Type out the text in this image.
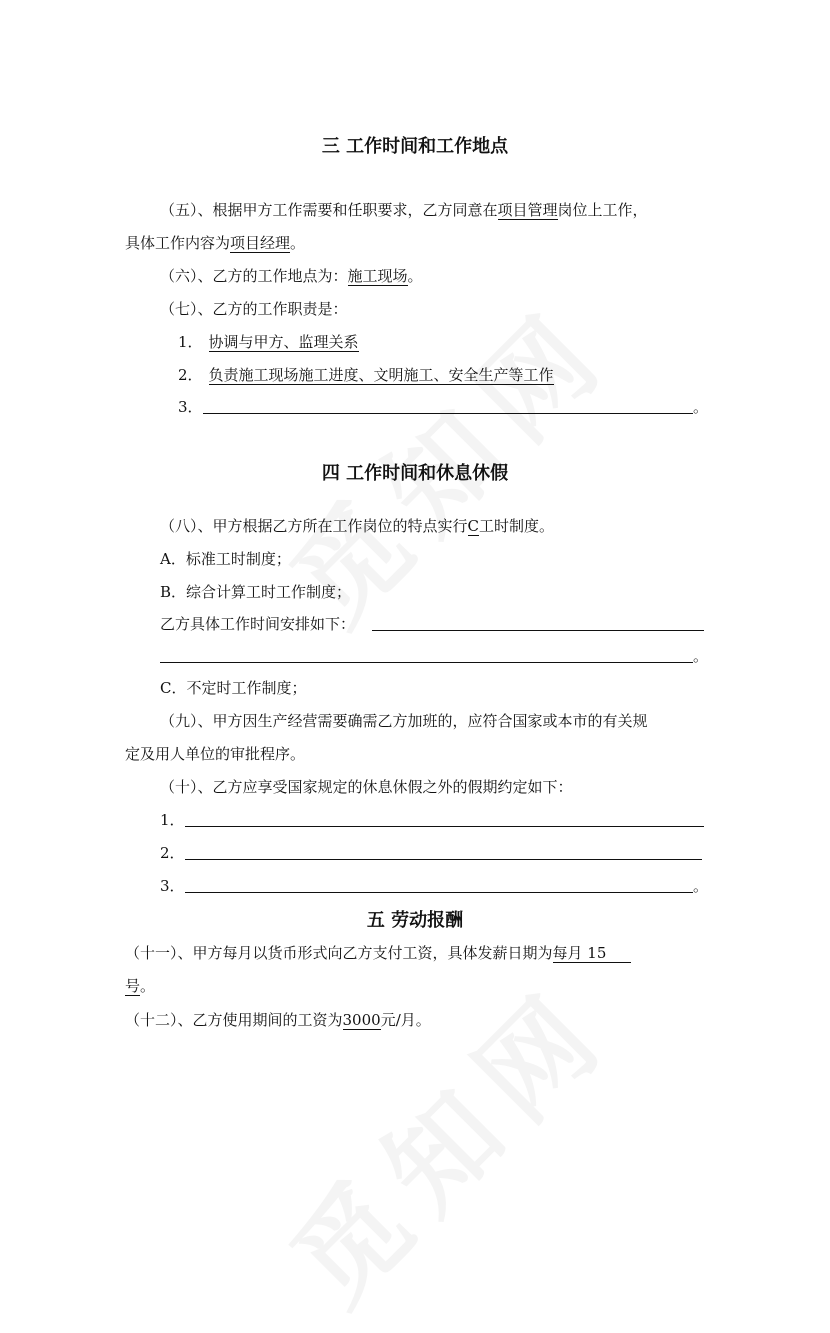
三 工作时间和工作地点
（五）、根据甲方工作需要和任职要求，乙方同意在项目管理岗位上工作，
具体工作内容为项目经理。
（六）、乙方的工作地点为：施工现场。
（七）、乙方的工作职责是：
1．协调与甲方、监理关系
2．负责施工现场施工进度、文明施工、安全生产等工作
3．	。
四 工作时间和休息休假
（八）、甲方根据乙方所在工作岗位的特点实行C工时制度。
A．标准工时制度；
B．综合计算工时工作制度；
乙方具体工作时间安排如下：
。
C．不定时工作制度；
（九）、甲方因生产经营需要确需乙方加班的，应符合国家或本市的有关规
定及用人单位的审批程序。
（十）、乙方应享受国家规定的休息休假之外的假期约定如下：
1．
2．
3．	。
五 劳动报酬
（十一）、甲方每月以货币形式向乙方支付工资，具体发薪日期为每月 15
号。
（十二）、乙方使用期间的工资为3000元/月。
